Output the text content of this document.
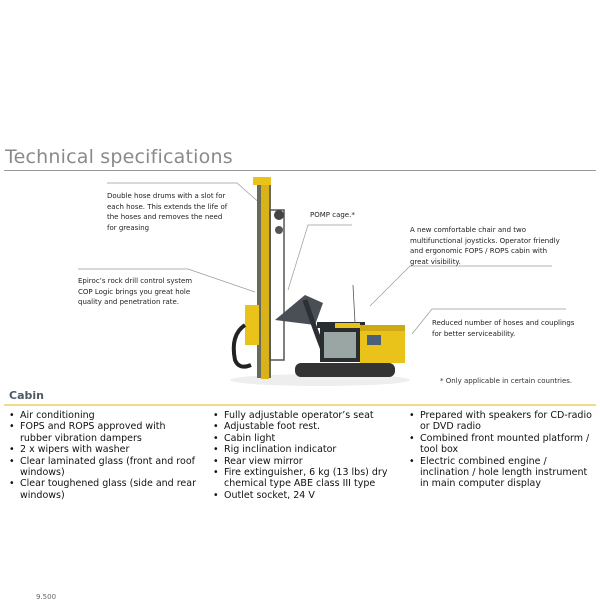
Technical specifications
Double hose drums with a slot for each hose. This extends the life of the hoses and removes the need for greasing
Epiroc’s rock drill control system COP Logic brings you great hole quality and penetration rate.
POMP cage.*
A new comfortable chair and two multifunctional joysticks. Operator friendly and ergonomic FOPS / ROPS cabin with great visibility.
Reduced number of hoses and couplings for better serviceability.
* Only applicable in certain countries.
Cabin
• Air conditioning
• FOPS and ROPS approved with rubber vibration dampers
• 2 x wipers with washer
• Clear laminated glass (front and roof windows)
• Clear toughened glass (side and rear windows)
• Fully adjustable operator’s seat
• Adjustable foot rest.
• Cabin light
• Rig inclination indicator
• Rear view mirror
• Fire extinguisher, 6 kg (13 lbs) dry chemical type ABE class III type
• Outlet socket, 24 V
• Prepared with speakers for CD-radio or DVD radio
• Combined front mounted platform / tool box
• Electric combined engine / inclination / hole length instrument in main computer display
9.500
